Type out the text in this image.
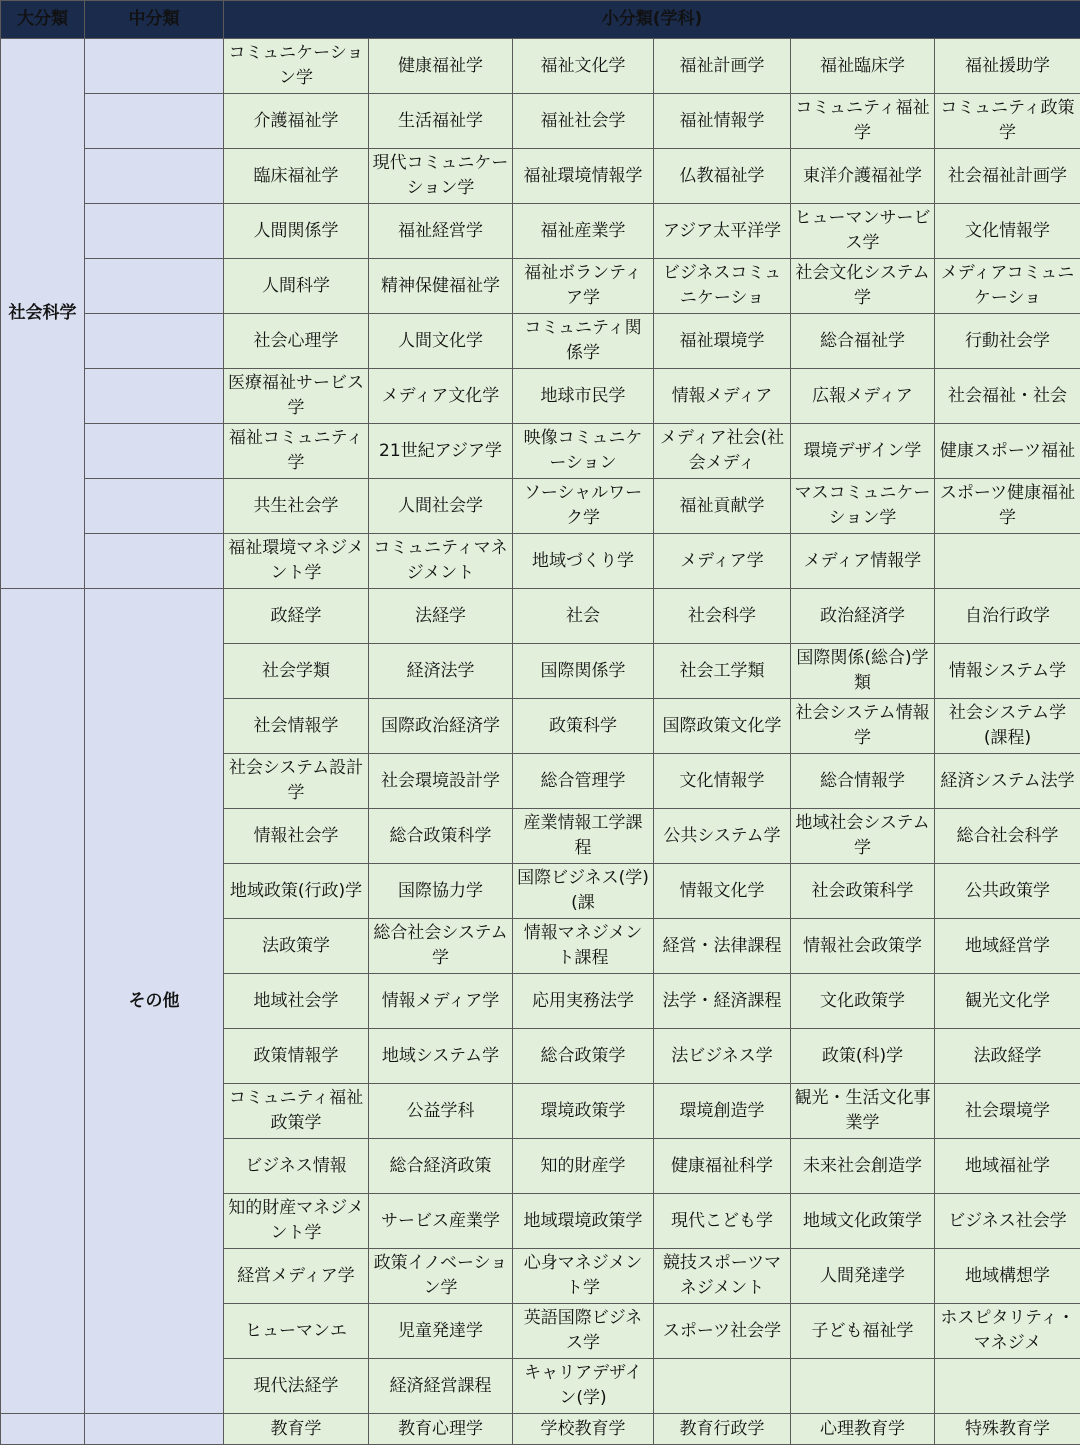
大分類	中分類	小分類(学科)					
社会科学		コミュニケーション学	健康福祉学	福祉文化学	福祉計画学	福祉臨床学	福祉援助学
		介護福祉学	生活福祉学	福祉社会学	福祉情報学	コミュニティ福祉学	コミュニティ政策学
		臨床福祉学	現代コミュニケーション学	福祉環境情報学	仏教福祉学	東洋介護福祉学	社会福祉計画学
		人間関係学	福祉経営学	福祉産業学	アジア太平洋学	ヒューマンサービス学	文化情報学
		人間科学	精神保健福祉学	福祉ボランティア学	ビジネスコミュニケーショ	社会文化システム学	メディアコミュニケーショ
		社会心理学	人間文化学	コミュニティ関係学	福祉環境学	総合福祉学	行動社会学
		医療福祉サービス学	メディア文化学	地球市民学	情報メディア	広報メディア	社会福祉・社会
		福祉コミュニティ学	21世紀アジア学	映像コミュニケーション	メディア社会(社会メディ	環境デザイン学	健康スポーツ福祉
		共生社会学	人間社会学	ソーシャルワーク学	福祉貢献学	マスコミュニケーション学	スポーツ健康福祉学
		福祉環境マネジメント学	コミュニティマネジメント	地域づくり学	メディア学	メディア情報学	
	その他	政経学	法経学	社会	社会科学	政治経済学	自治行政学
		社会学類	経済法学	国際関係学	社会工学類	国際関係(総合)学類	情報システム学
		社会情報学	国際政治経済学	政策科学	国際政策文化学	社会システム情報学	社会システム学(課程)
		社会システム設計学	社会環境設計学	総合管理学	文化情報学	総合情報学	経済システム法学
		情報社会学	総合政策科学	産業情報工学課程	公共システム学	地域社会システム学	総合社会科学
		地域政策(行政)学	国際協力学	国際ビジネス(学)(課	情報文化学	社会政策科学	公共政策学
		法政策学	総合社会システム学	情報マネジメント課程	経営・法律課程	情報社会政策学	地域経営学
		地域社会学	情報メディア学	応用実務法学	法学・経済課程	文化政策学	観光文化学
		政策情報学	地域システム学	総合政策学	法ビジネス学	政策(科)学	法政経学
		コミュニティ福祉政策学	公益学科	環境政策学	環境創造学	観光・生活文化事業学	社会環境学
		ビジネス情報	総合経済政策	知的財産学	健康福祉科学	未来社会創造学	地域福祉学
		知的財産マネジメント学	サービス産業学	地域環境政策学	現代こども学	地域文化政策学	ビジネス社会学
		経営メディア学	政策イノベーション学	心身マネジメント学	競技スポーツマネジメント	人間発達学	地域構想学
		ヒューマンエ	児童発達学	英語国際ビジネス学	スポーツ社会学	子ども福祉学	ホスピタリティ・マネジメ
		現代法経学	経済経営課程	キャリアデザイン(学)			
		教育学	教育心理学	学校教育学	教育行政学	心理教育学	特殊教育学
